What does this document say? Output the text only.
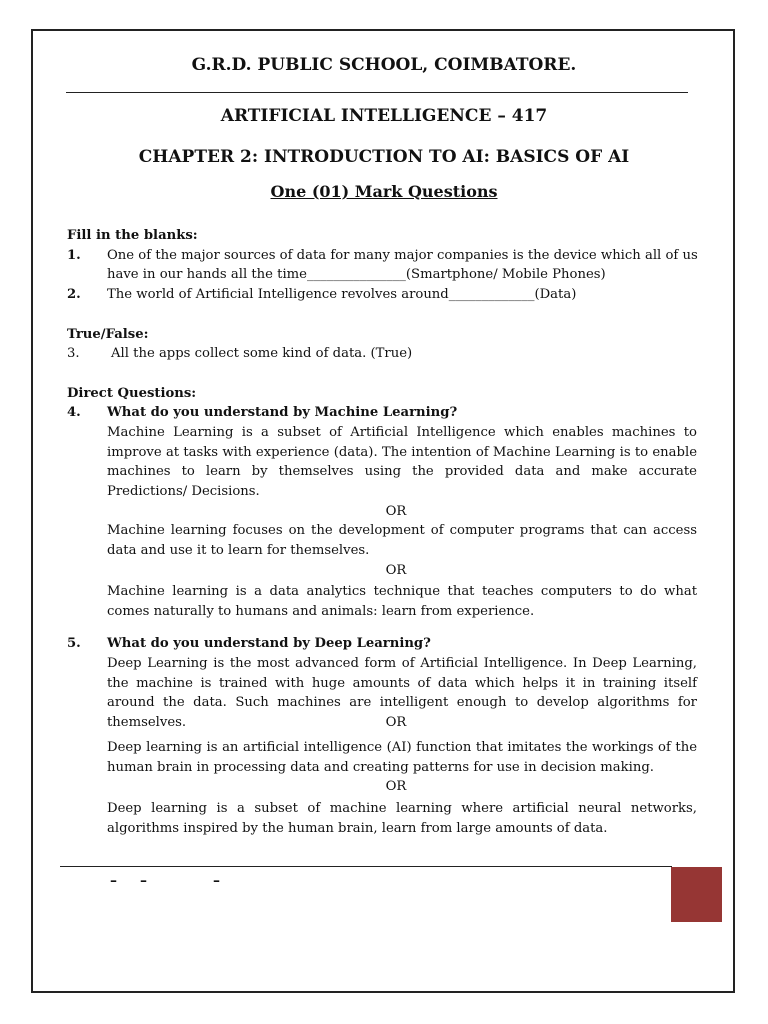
G.R.D. PUBLIC SCHOOL, COIMBATORE.
ARTIFICIAL INTELLIGENCE – 417
CHAPTER 2: INTRODUCTION TO AI: BASICS OF AI
One (01) Mark Questions
Fill in the blanks:
1.	One of the major sources of data for many major companies is the device which all of us
have in our hands all the time_______________(Smartphone/ Mobile Phones)
2.	The world of Artificial Intelligence revolves around_____________(Data)
True/False:
3.	All the apps collect some kind of data. (True)
Direct Questions:
4.	What do you understand by Machine Learning?
Machine Learning is a subset of Artificial Intelligence which enables machines to improve at tasks with experience (data). The intention of Machine Learning is to enable machines to learn by themselves using the provided data and make accurate Predictions/ Decisions.
OR
Machine learning focuses on the development of computer programs that can access data and use it to learn for themselves.
OR
Machine learning is a data analytics technique that teaches computers to do what comes naturally to humans and animals: learn from experience.
5.	What do you understand by Deep Learning?
Deep Learning is the most advanced form of Artificial Intelligence. In Deep Learning, the machine is trained with huge amounts of data which helps it in training itself around the data. Such machines are intelligent enough to develop algorithms for themselves.	OR
Deep learning is an artificial intelligence (AI) function that imitates the workings of the human brain in processing data and creating patterns for use in decision making.
OR
Deep learning is a subset of machine learning where artificial neural networks, algorithms inspired by the human brain, learn from large amounts of data.
– –	–
